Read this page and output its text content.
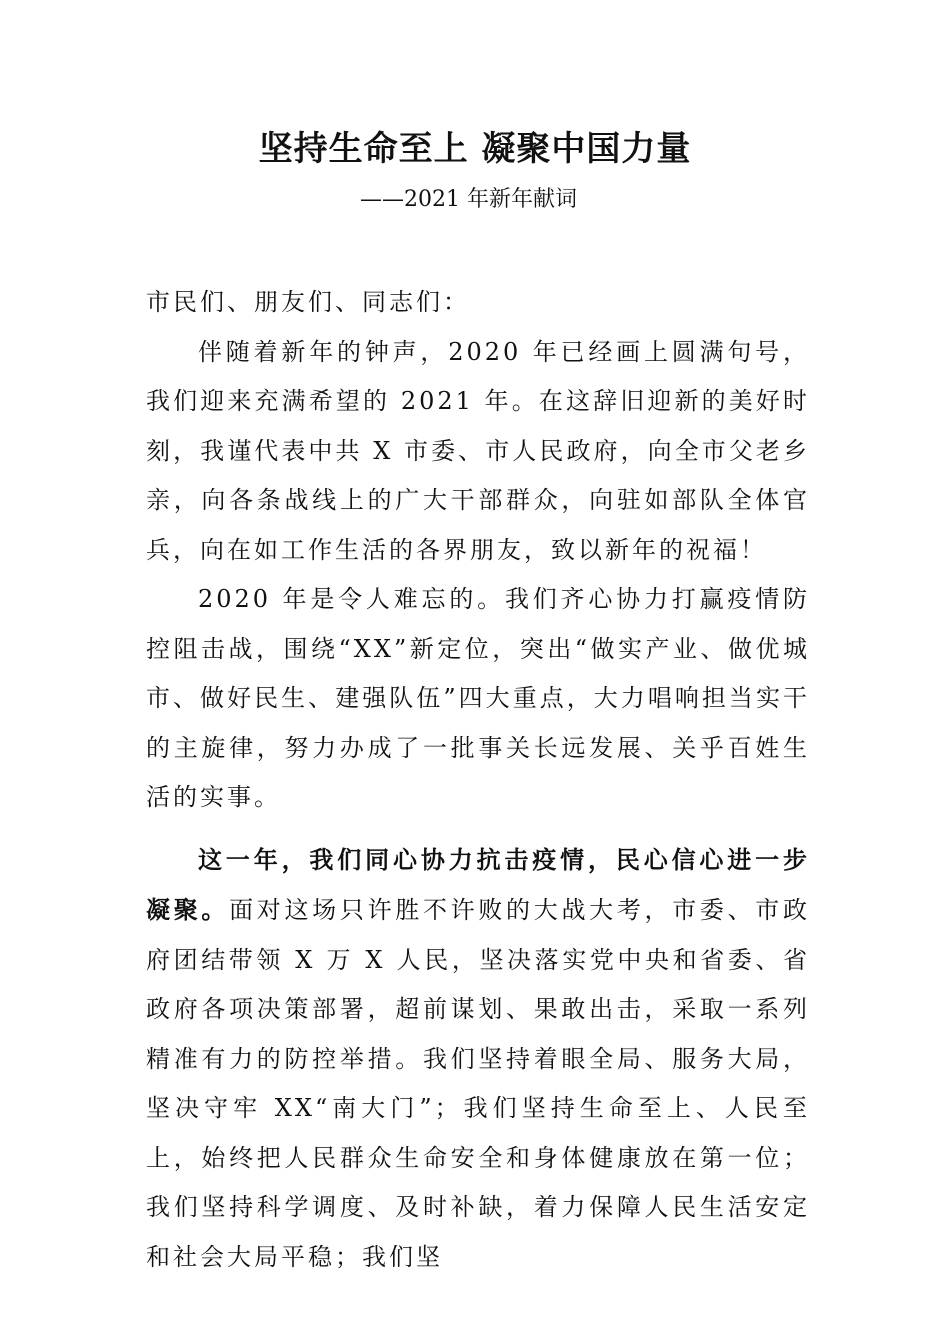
坚持生命至上 凝聚中国力量
——2021 年新年献词

市民们、朋友们、同志们：

伴随着新年的钟声，2020 年已经画上圆满句号，我们迎来充满希望的 2021 年。在这辞旧迎新的美好时刻，我谨代表中共 X 市委、市人民政府，向全市父老乡亲，向各条战线上的广大干部群众，向驻如部队全体官兵，向在如工作生活的各界朋友，致以新年的祝福！

2020 年是令人难忘的。我们齐心协力打赢疫情防控阻击战，围绕“XX”新定位，突出“做实产业、做优城市、做好民生、建强队伍”四大重点，大力唱响担当实干的主旋律，努力办成了一批事关长远发展、关乎百姓生活的实事。

这一年，我们同心协力抗击疫情，民心信心进一步凝聚。面对这场只许胜不许败的大战大考，市委、市政府团结带领 X 万 X 人民，坚决落实党中央和省委、省政府各项决策部署，超前谋划、果敢出击，采取一系列精准有力的防控举措。我们坚持着眼全局、服务大局，坚决守牢 XX“南大门”；我们坚持生命至上、人民至上，始终把人民群众生命安全和身体健康放在第一位；我们坚持科学调度、及时补缺，着力保障人民生活安定和社会大局平稳；我们坚
